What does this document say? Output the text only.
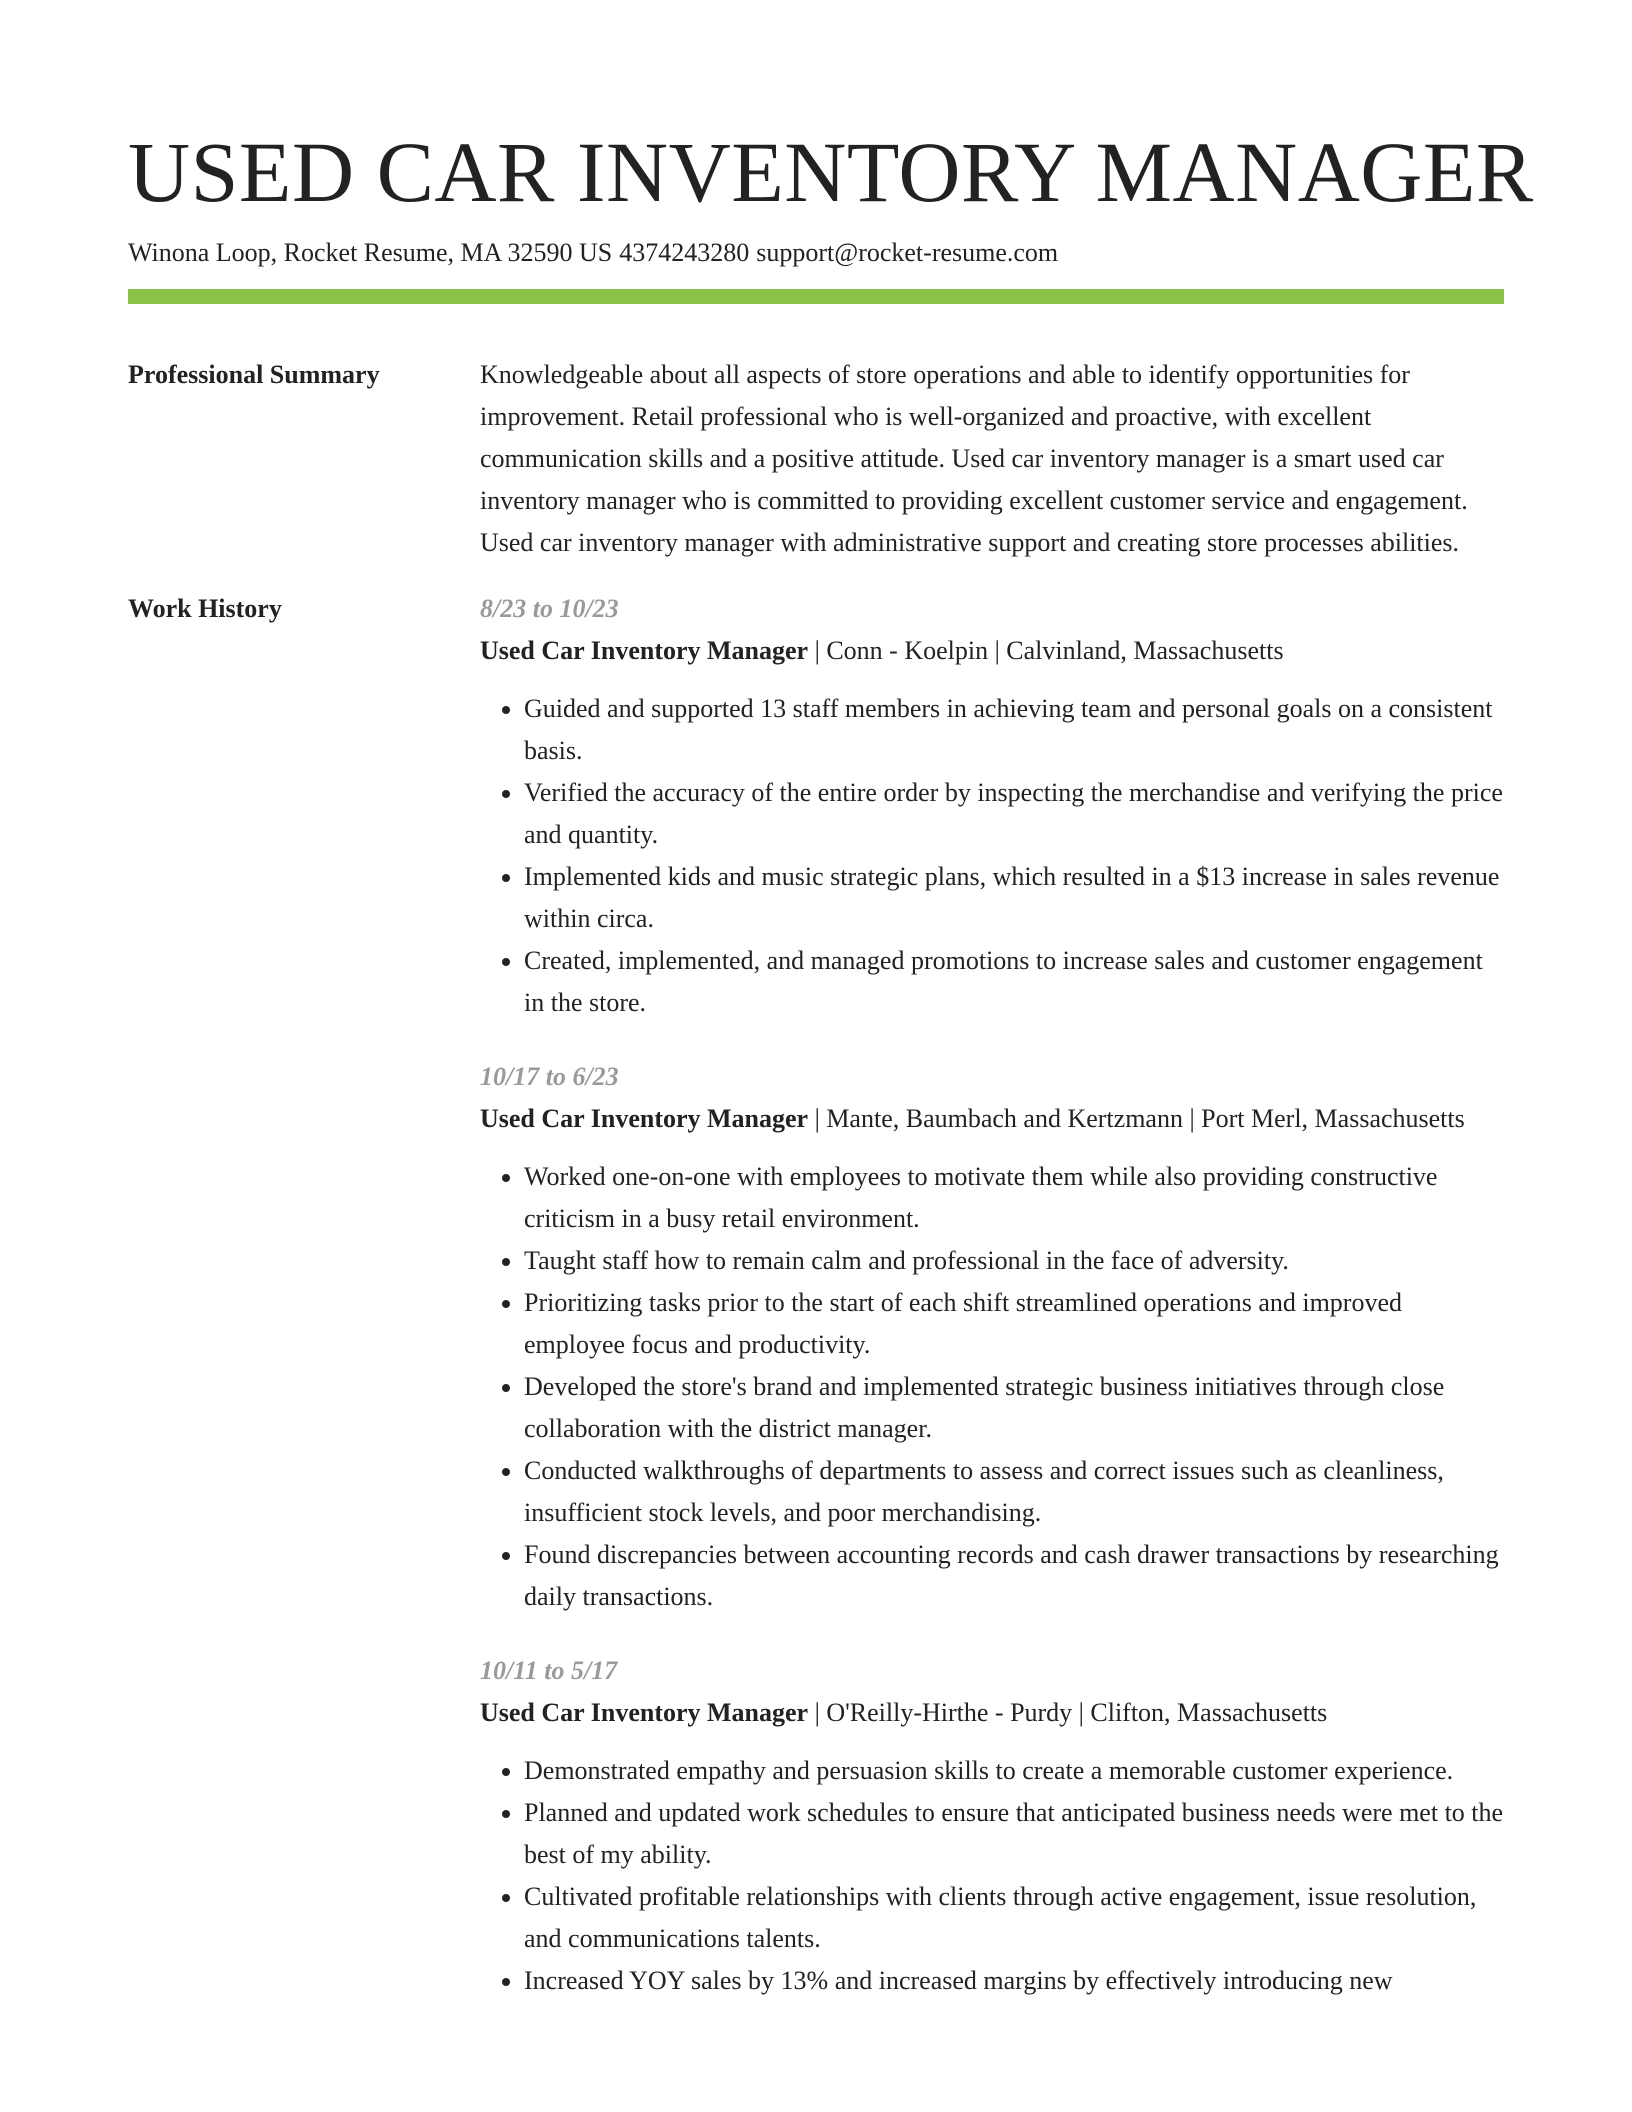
USED CAR INVENTORY MANAGER
Winona Loop, Rocket Resume, MA 32590 US 4374243280 support@rocket-resume.com
Professional Summary	Knowledgeable about all aspects of store operations and able to identify opportunities for improvement. Retail professional who is well-organized and proactive, with excellent communication skills and a positive attitude. Used car inventory manager is a smart used car inventory manager who is committed to providing excellent customer service and engagement. Used car inventory manager with administrative support and creating store processes abilities.

Work History	8/23 to 10/23
Used Car Inventory Manager | Conn - Koelpin | Calvinland, Massachusetts
• Guided and supported 13 staff members in achieving team and personal goals on a consistent basis.
• Verified the accuracy of the entire order by inspecting the merchandise and verifying the price and quantity.
• Implemented kids and music strategic plans, which resulted in a $13 increase in sales revenue within circa.
• Created, implemented, and managed promotions to increase sales and customer engagement in the store.
10/17 to 6/23
Used Car Inventory Manager | Mante, Baumbach and Kertzmann | Port Merl, Massachusetts
• Worked one-on-one with employees to motivate them while also providing constructive criticism in a busy retail environment.
• Taught staff how to remain calm and professional in the face of adversity.
• Prioritizing tasks prior to the start of each shift streamlined operations and improved employee focus and productivity.
• Developed the store's brand and implemented strategic business initiatives through close collaboration with the district manager.
• Conducted walkthroughs of departments to assess and correct issues such as cleanliness, insufficient stock levels, and poor merchandising.
• Found discrepancies between accounting records and cash drawer transactions by researching daily transactions.
10/11 to 5/17
Used Car Inventory Manager | O'Reilly-Hirthe - Purdy | Clifton, Massachusetts
• Demonstrated empathy and persuasion skills to create a memorable customer experience.
• Planned and updated work schedules to ensure that anticipated business needs were met to the best of my ability.
• Cultivated profitable relationships with clients through active engagement, issue resolution, and communications talents.
• Increased YOY sales by 13% and increased margins by effectively introducing new
